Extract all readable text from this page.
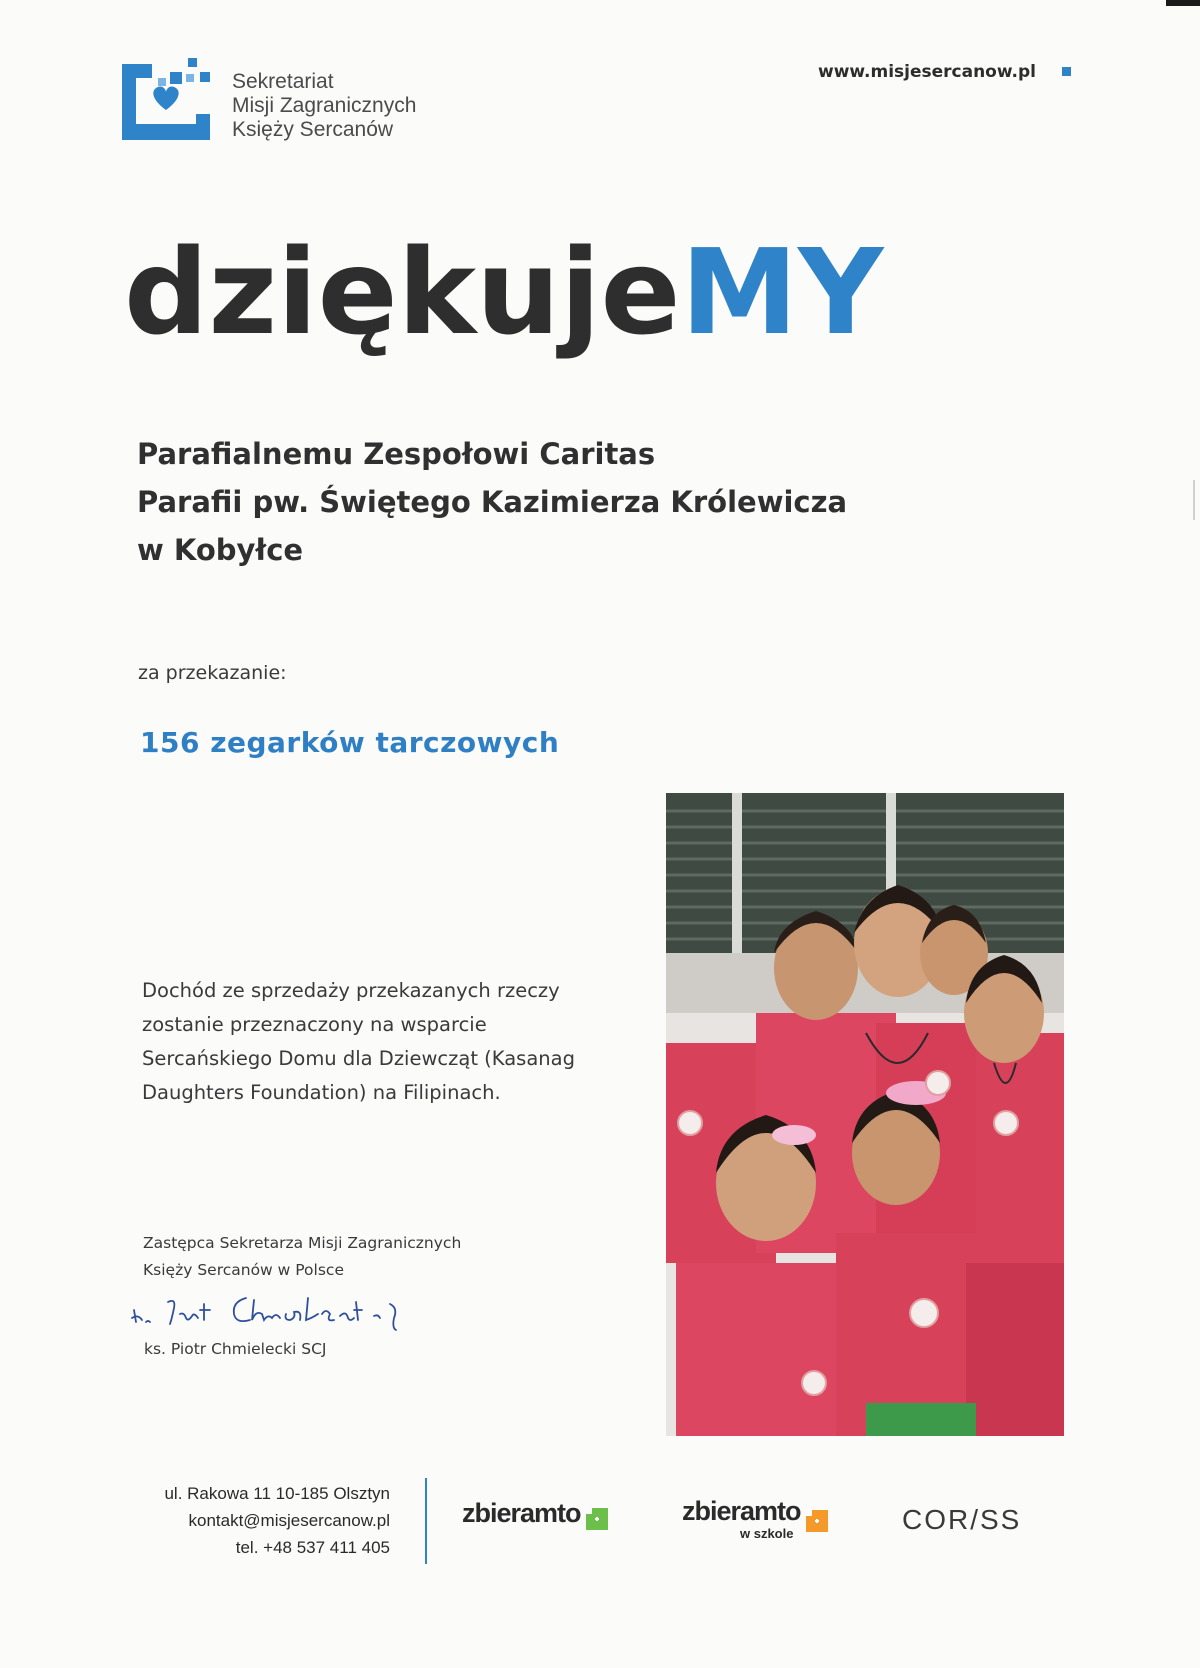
Sekretariat
Misji Zagranicznych
Księży Sercanów
www.misjesercanow.pl
dziękujeMY
Parafialnemu Zespołowi Caritas
Parafii pw. Świętego Kazimierza Królewicza
w Kobyłce
za przekazanie:
156 zegarków tarczowych
Dochód ze sprzedaży przekazanych rzeczy
zostanie przeznaczony na wsparcie
Sercańskiego Domu dla Dziewcząt (Kasanag
Daughters Foundation) na Filipinach.
Zastępca Sekretarza Misji Zagranicznych
Księży Sercanów w Polsce
ks. Piotr Chmielecki SCJ
ul. Rakowa 11 10-185 Olsztyn
kontakt@misjesercanow.pl
tel. +48 537 411 405
zbieramto	zbieramto
w szkole	COR/SS
